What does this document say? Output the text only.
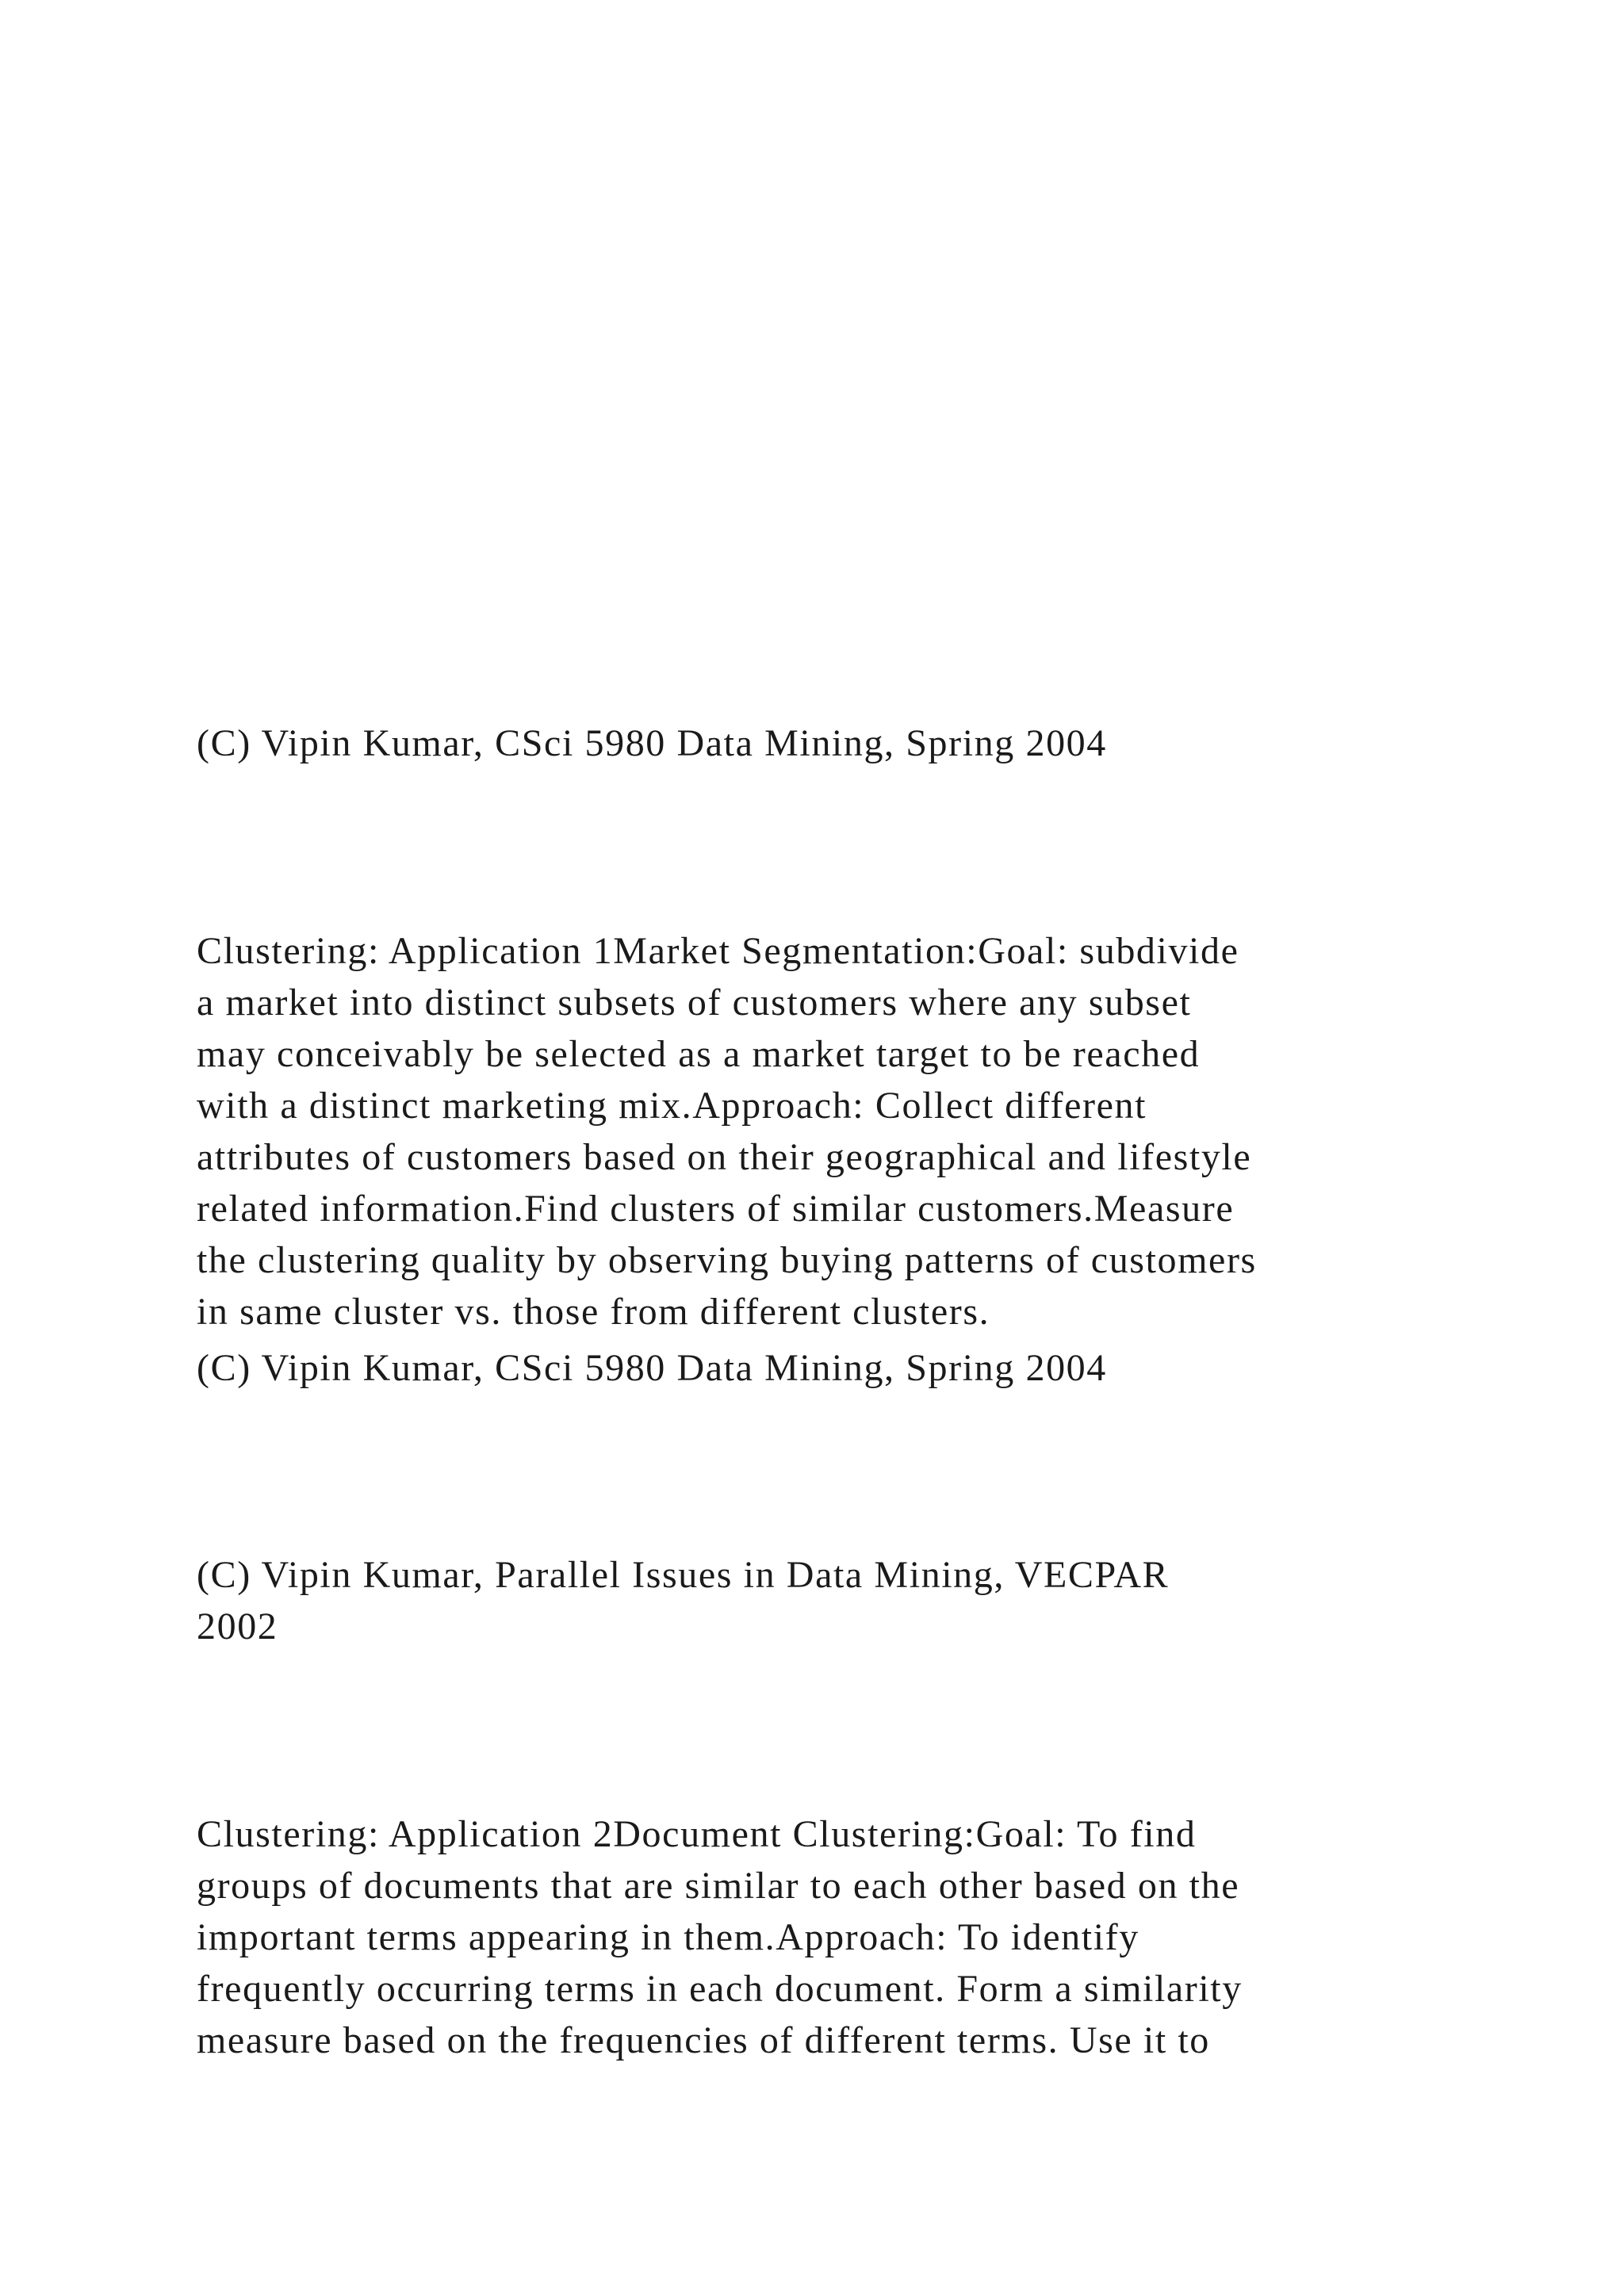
(C) Vipin Kumar, CSci 5980 Data Mining, Spring 2004

Clustering: Application 1Market Segmentation:Goal: subdivide
a market into distinct subsets of customers where any subset
may conceivably be selected as a market target to be reached
with a distinct marketing mix.Approach: Collect different
attributes of customers based on their geographical and lifestyle
related information.Find clusters of similar customers.Measure
the clustering quality by observing buying patterns of customers
in same cluster vs. those from different clusters.

(C) Vipin Kumar, CSci 5980 Data Mining, Spring 2004

(C) Vipin Kumar, Parallel Issues in Data Mining, VECPAR
2002

Clustering: Application 2Document Clustering:Goal: To find
groups of documents that are similar to each other based on the
important terms appearing in them.Approach: To identify
frequently occurring terms in each document. Form a similarity
measure based on the frequencies of different terms. Use it to
